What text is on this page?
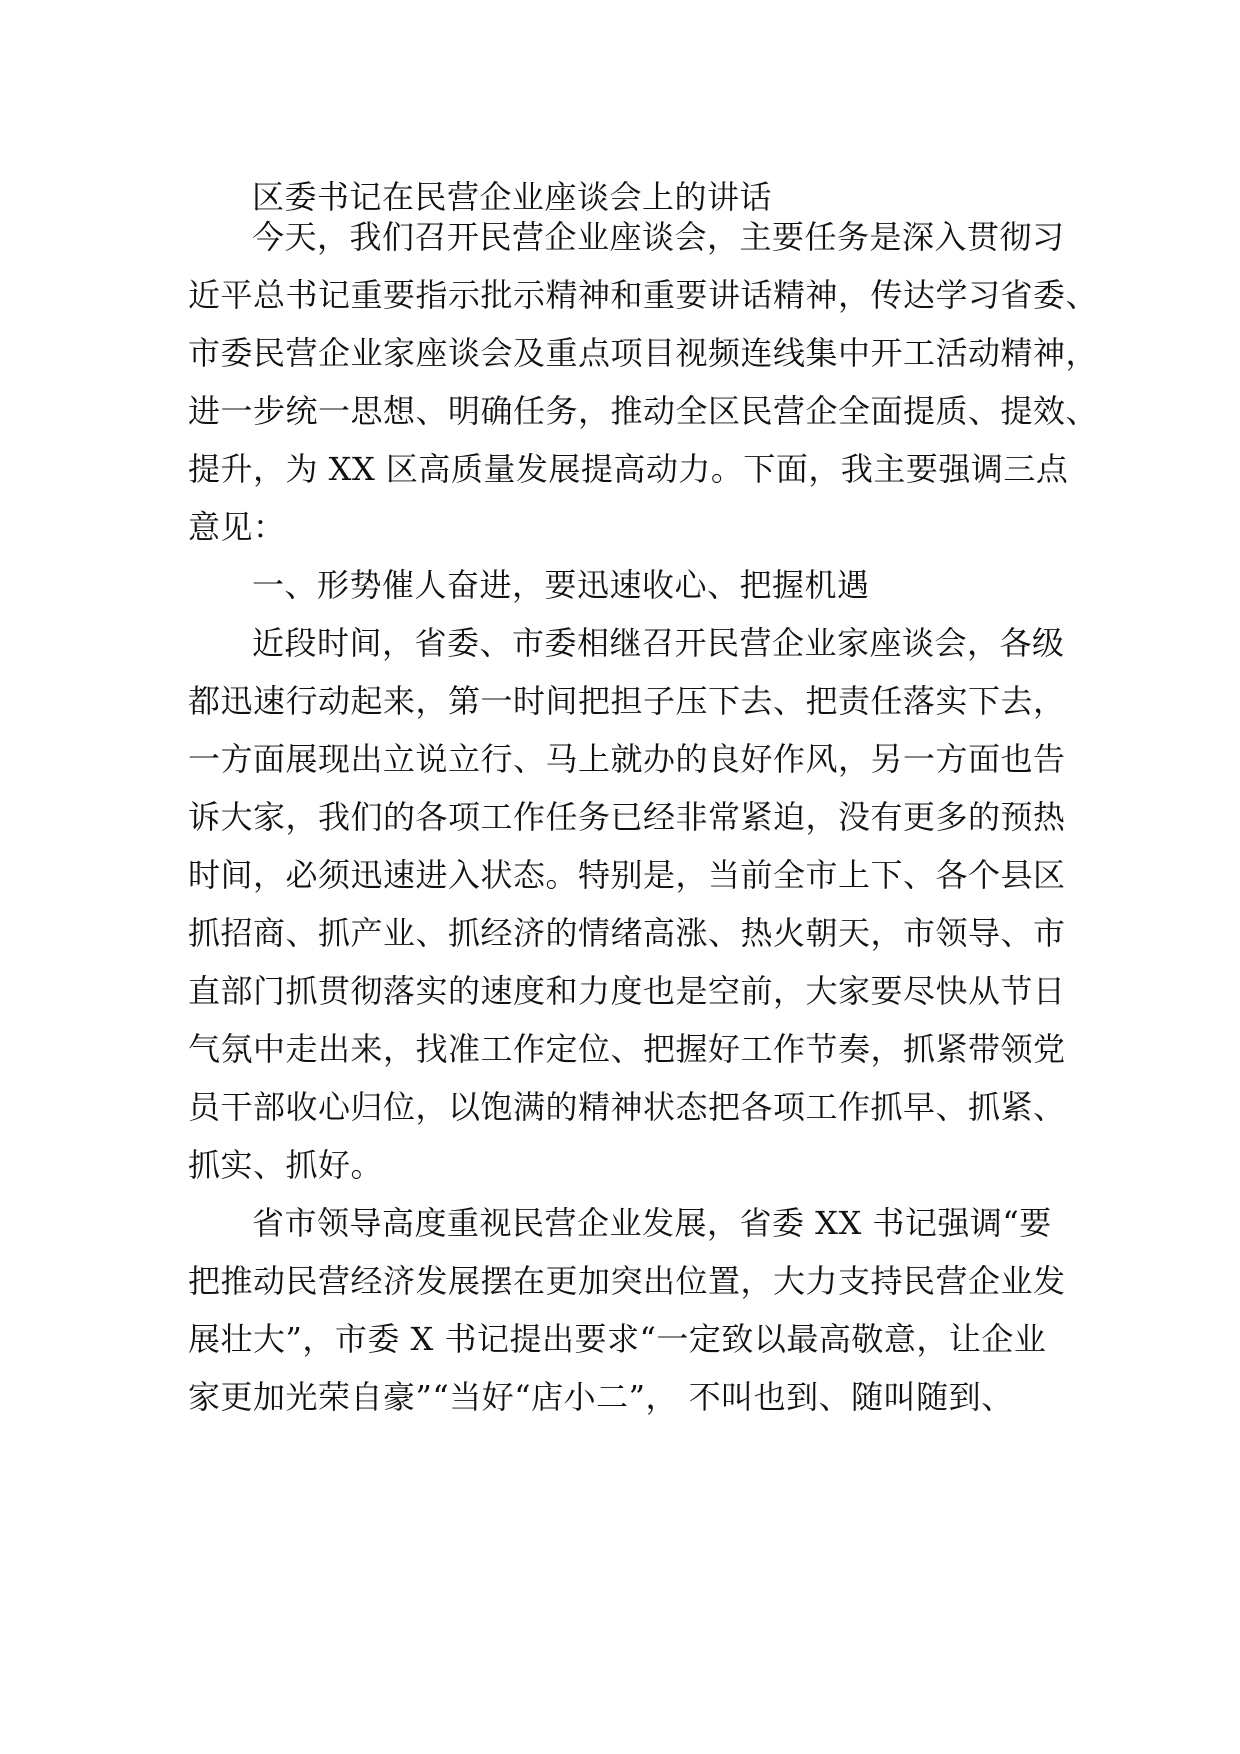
区委书记在民营企业座谈会上的讲话
今天，我们召开民营企业座谈会，主要任务是深入贯彻习
近平总书记重要指示批示精神和重要讲话精神，传达学习省委、
市委民营企业家座谈会及重点项目视频连线集中开工活动精神，
进一步统一思想、明确任务，推动全区民营企全面提质、提效、
提升，为 XX 区高质量发展提高动力。下面，我主要强调三点
意见：
一、形势催人奋进，要迅速收心、把握机遇
近段时间，省委、市委相继召开民营企业家座谈会，各级
都迅速行动起来，第一时间把担子压下去、把责任落实下去，
一方面展现出立说立行、马上就办的良好作风，另一方面也告
诉大家，我们的各项工作任务已经非常紧迫，没有更多的预热
时间，必须迅速进入状态。特别是，当前全市上下、各个县区
抓招商、抓产业、抓经济的情绪高涨、热火朝天，市领导、市
直部门抓贯彻落实的速度和力度也是空前，大家要尽快从节日
气氛中走出来，找准工作定位、把握好工作节奏，抓紧带领党
员干部收心归位，以饱满的精神状态把各项工作抓早、抓紧、
抓实、抓好。
省市领导高度重视民营企业发展，省委 XX 书记强调“要
把推动民营经济发展摆在更加突出位置，大力支持民营企业发
展壮大”，市委 X 书记提出要求“一定致以最高敬意，让企业
家更加光荣自豪”“当好“店小二”， 不叫也到、随叫随到、
